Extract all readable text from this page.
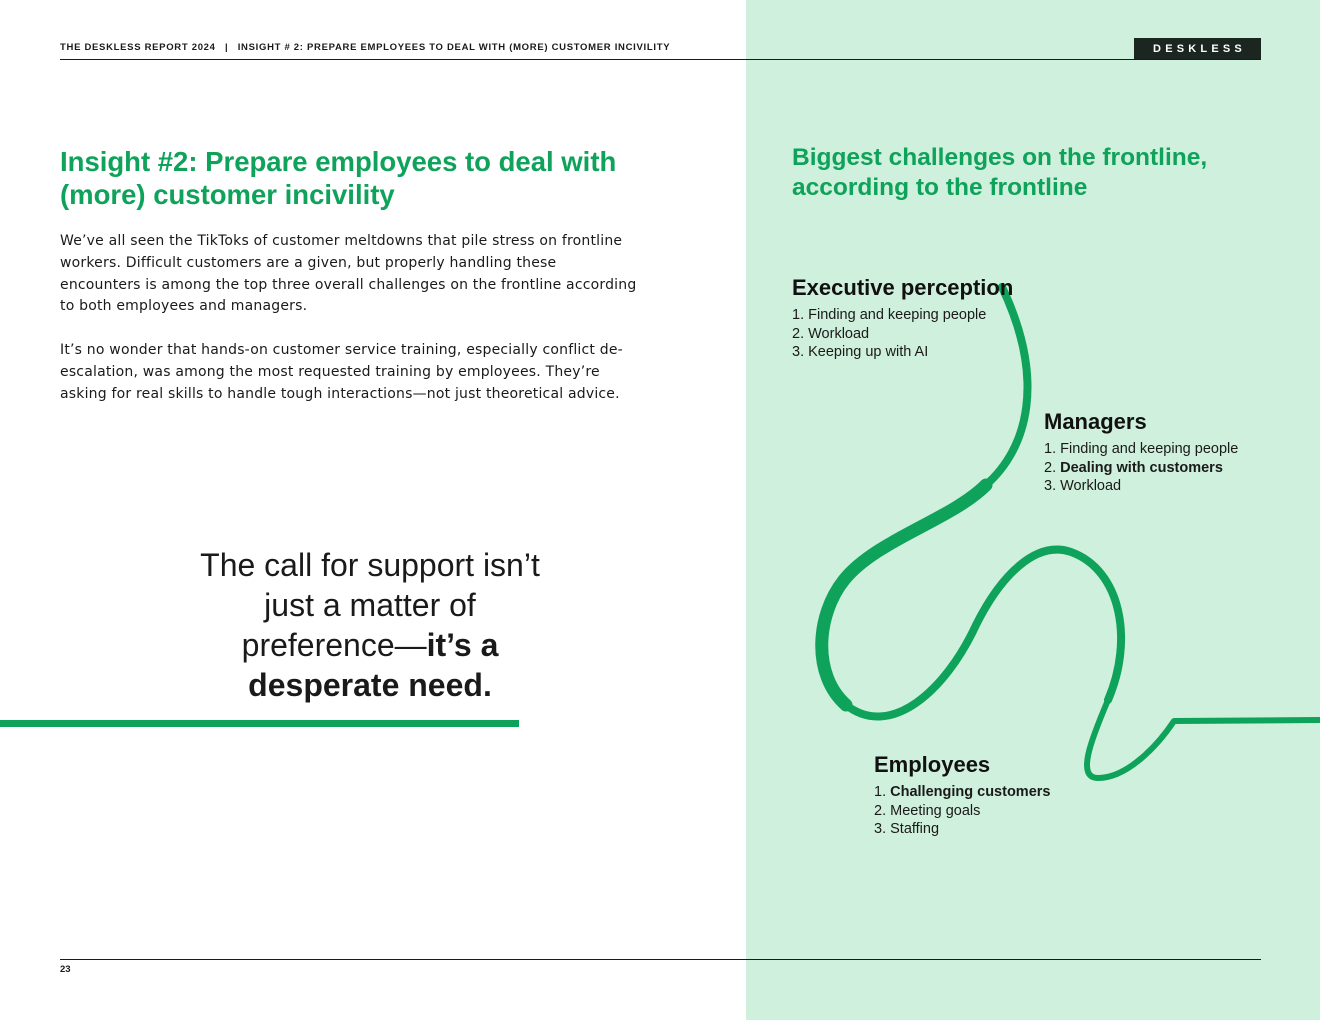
THE DESKLESS REPORT 2024 | INSIGHT # 2: PREPARE EMPLOYEES TO DEAL WITH (MORE) CUSTOMER INCIVILITY	DESKLESS
Insight #2: Prepare employees to deal with (more) customer incivility

We’ve all seen the TikToks of customer meltdowns that pile stress on frontline workers. Difficult customers are a given, but properly handling these encounters is among the top three overall challenges on the frontline according to both employees and managers.

It’s no wonder that hands-on customer service training, especially conflict de-escalation, was among the most requested training by employees. They’re asking for real skills to handle tough interactions—not just theoretical advice.

The call for support isn’t just a matter of preference—it’s a desperate need.
Biggest challenges on the frontline, according to the frontline
Executive perception
1. Finding and keeping people
2. Workload
3. Keeping up with AI
Managers
1. Finding and keeping people
2. Dealing with customers
3. Workload
Employees
1. Challenging customers
2. Meeting goals
3. Staffing
23
